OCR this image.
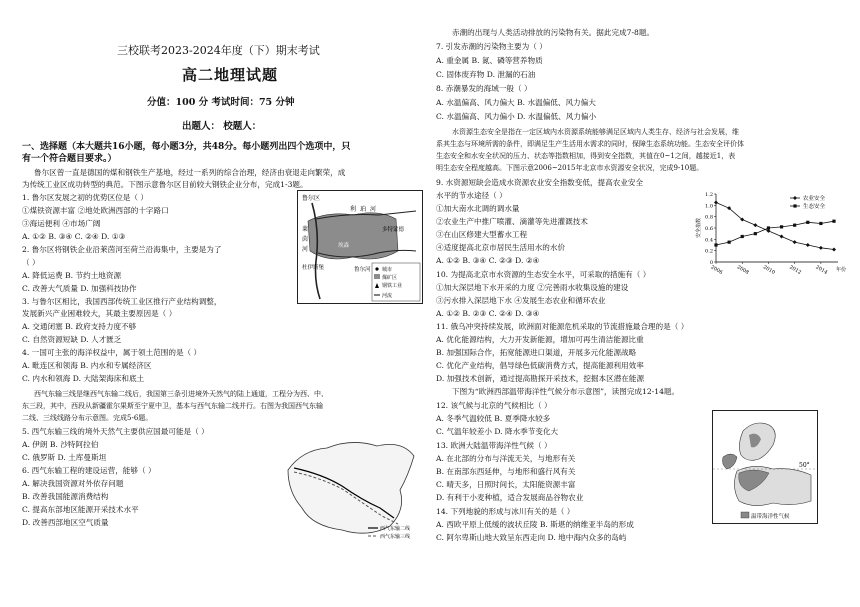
三校联考2023-2024年度（下）期末考试
高二地理试题
分值：100 分 考试时间：75 分钟
出题人： 校题人：
一、选择题（本大题共16小题，每小题3分，共48分。每小题列出四个选项中，只
有一个符合题目要求。）
鲁尔区曾一直是德国的煤和钢铁生产基地，经过一系列的综合治理，经济由衰退走向繁荣，成
为传统工业区成功转型的典范。下图示意鲁尔区目前较大钢铁企业分布，完成1-3题。
1. 鲁尔区发展之初的优势区位是（ ）
①煤铁资源丰富 ②地处欧洲西部的十字路口
③海运便利 ④市场广阔
A. ①② B. ③④ C. ②④ D. ①③
2. 鲁尔区将钢铁企业沿莱茵河至荷兰沿海集中，主要是为了
（ ）
A. 降低运费 B. 节约土地资源
C. 改善大气质量 D. 加强科技协作
3. 与鲁尔区相比，我国西部传统工业区推行产业结构调整，
发展新兴产业困难较大，其最主要原因是（ ）
A. 交通闭塞 B. 政府支持力度不够
C. 自然资源短缺 D. 人才匮乏
4. 一国可主张的海洋权益中，属于领土范围的是（ ）
A. 毗连区和领海 B. 内水和专属经济区
C. 内水和领海 D. 大陆架海床和底土
西气东输三线是继西气东输二线后，我国第三条引进境外天然气的陆上通道，工程分为西、中、
东三段，其中，西段从新疆霍尔果斯至宁夏中卫，基本与西气东输二线并行。右图为我国西气东输
二线、三线线路分布示意图。完成5-6题。
5. 西气东输三线的境外天然气主要供应国最可能是（ ）
A. 伊朗 B. 沙特阿拉伯
C. 俄罗斯 D. 土库曼斯坦
6. 西气东输工程的建设运营，能够（ ）
A. 解决我国资源对外依存问题
B. 改善我国能源消费结构
C. 提高东部地区能源开采技术水平
D. 改善西部地区空气质量
鲁尔区
利 珀 河
莱
茵
河
鲁尔河
埃森
多特蒙德
杜伊斯堡	城市
煤矿区
钢铁工业
河流
西气东输二线
西气东输三线
赤潮的出现与人类活动排放的污染物有关。据此完成7-8题。
7. 引发赤潮的污染物主要为（ ）
A. 重金属 B. 氮、磷等营养物质
C. 固体废弃物 D. 泄漏的石油
8. 赤潮暴发的海域一般（ ）
A. 水温偏高、风力偏大 B. 水温偏低、风力偏大
C. 水温偏高、风力偏小 D. 水温偏低、风力偏小
水资源生态安全是指在一定区域内水资源系统能够满足区域内人类生存、经济与社会发展，维
系其生态与环境所需的条件，即满足生产生活用水需求的同时，保障生态系统功能。生态安全评价体
生态安全和水安全状况的压力、状态等指数相加，得到安全指数，其值在0~1之间，越接近1，表
明生态安全程度越高。下图示意2006~2015年北京市水资源安全状况，完成9-10题。
9. 水资源短缺会造成水资源农业安全指数变低，提高农业安全
水平的节水途径（ ）
①加大南水北调的调水量
②农业生产中推广喷灌、滴灌等先进灌溉技术
③在山区修建大型蓄水工程
④适度提高北京市居民生活用水的水价
A. ①② B. ③④ C. ②③ D. ②④
10. 为提高北京市水资源的生态安全水平，可采取的措施有（ ）
①加大深层地下水开采的力度 ②完善雨水收集设施的建设
③污水排入深层地下水 ④发展生态农业和循环农业
A. ①② B. ②③ C. ②④ D. ③④
11. 俄乌冲突持续发展，欧洲面对能源危机采取的节流措施最合理的是（ ）
A. 优化能源结构，大力开发新能源，增加可再生清洁能源比重
B. 加强国际合作，拓宽能源进口渠道，开展多元化能源战略
C. 优化产业结构，倡导绿色低碳消费方式，提高能源利用效率
D. 加强技术创新，通过提高勘探开采技术，挖掘本区潜在能源
下图为“欧洲西部温带海洋性气候分布示意图”，读图完成12-14题。
12. 该气候与北京的气候相比（ ）
A. 冬季气温较低 B. 夏季降水较多
C. 气温年较差小 D. 降水季节变化大
13. 欧洲大陆温带海洋性气候（ ）
A. 在北部的分布与洋流无关，与地形有关
B. 在南部东西延伸，与地形和盛行风有关
C. 晴天多，日照时间长，太阳能资源丰富
D. 有利于小麦种植，适合发展商品谷物农业
14. 下列地貌的形成与冰川有关的是（ ）
A. 西欧平原上低缓的波状丘陵 B. 斯堪的纳维亚半岛的形成
C. 阿尔卑斯山地大致呈东西走向 D. 地中海内众多的岛屿
0
0.2
0.4
0.6
0.8
1.0
1.2
2006 2008 2010 2012 2014 年份
安全指数
农业安全
生态安全
50°
温带海洋性气候
